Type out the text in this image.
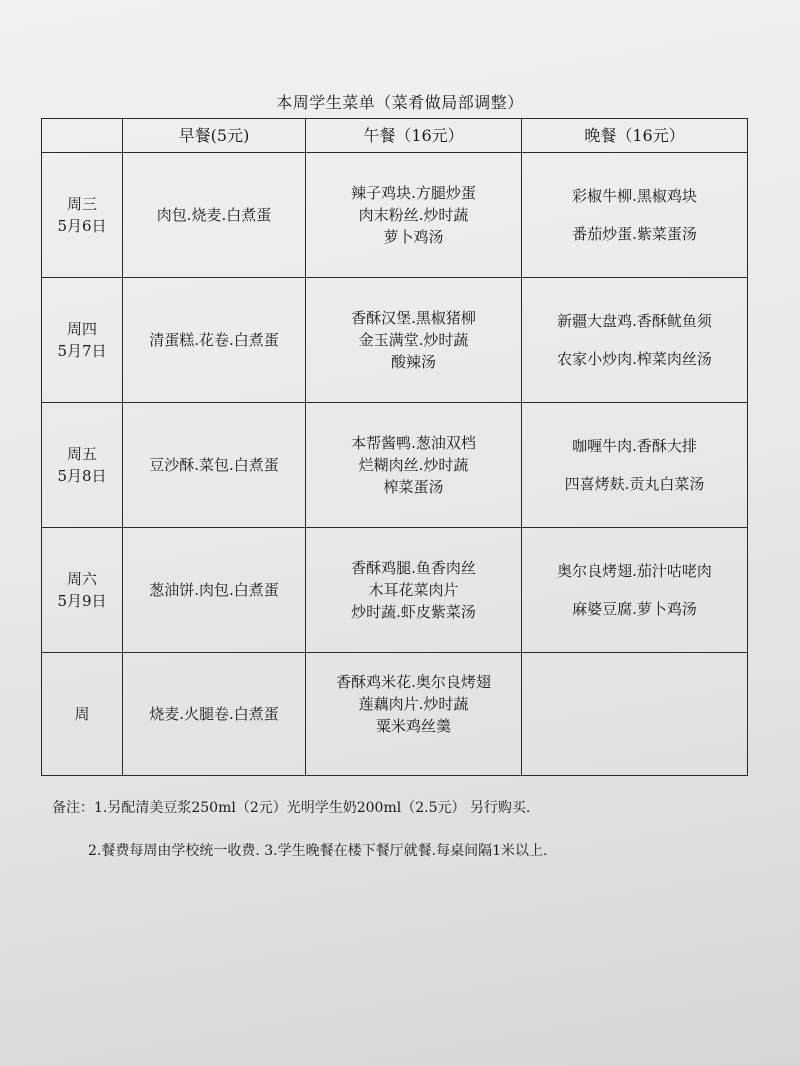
本周学生菜单（菜肴做局部调整）
	早餐(5元)	午餐（16元）	晚餐（16元）

周三
5月6日	肉包.烧麦.白煮蛋	辣子鸡块.方腿炒蛋
肉末粉丝.炒时蔬
萝卜鸡汤	彩椒牛柳.黑椒鸡块
番茄炒蛋.紫菜蛋汤

周四
5月7日	清蛋糕.花卷.白煮蛋	香酥汉堡.黑椒猪柳
金玉满堂.炒时蔬
酸辣汤	新疆大盘鸡.香酥鱿鱼须
农家小炒肉.榨菜肉丝汤

周五
5月8日	豆沙酥.菜包.白煮蛋	本帮酱鸭.葱油双档
烂糊肉丝.炒时蔬
榨菜蛋汤	咖喱牛肉.香酥大排
四喜烤麸.贡丸白菜汤

周六
5月9日	葱油饼.肉包.白煮蛋	香酥鸡腿.鱼香肉丝
木耳花菜肉片
炒时蔬.虾皮紫菜汤	奥尔良烤翅.茄汁咕咾肉
麻婆豆腐.萝卜鸡汤

周	烧麦.火腿卷.白煮蛋	香酥鸡米花.奥尔良烤翅
莲藕肉片.炒时蔬
粟米鸡丝羹	

备注：1.另配清美豆浆250ml（2元）光明学生奶200ml（2.5元） 另行购买.
2.餐费每周由学校统一收费. 3.学生晚餐在楼下餐厅就餐.每桌间隔1米以上.
